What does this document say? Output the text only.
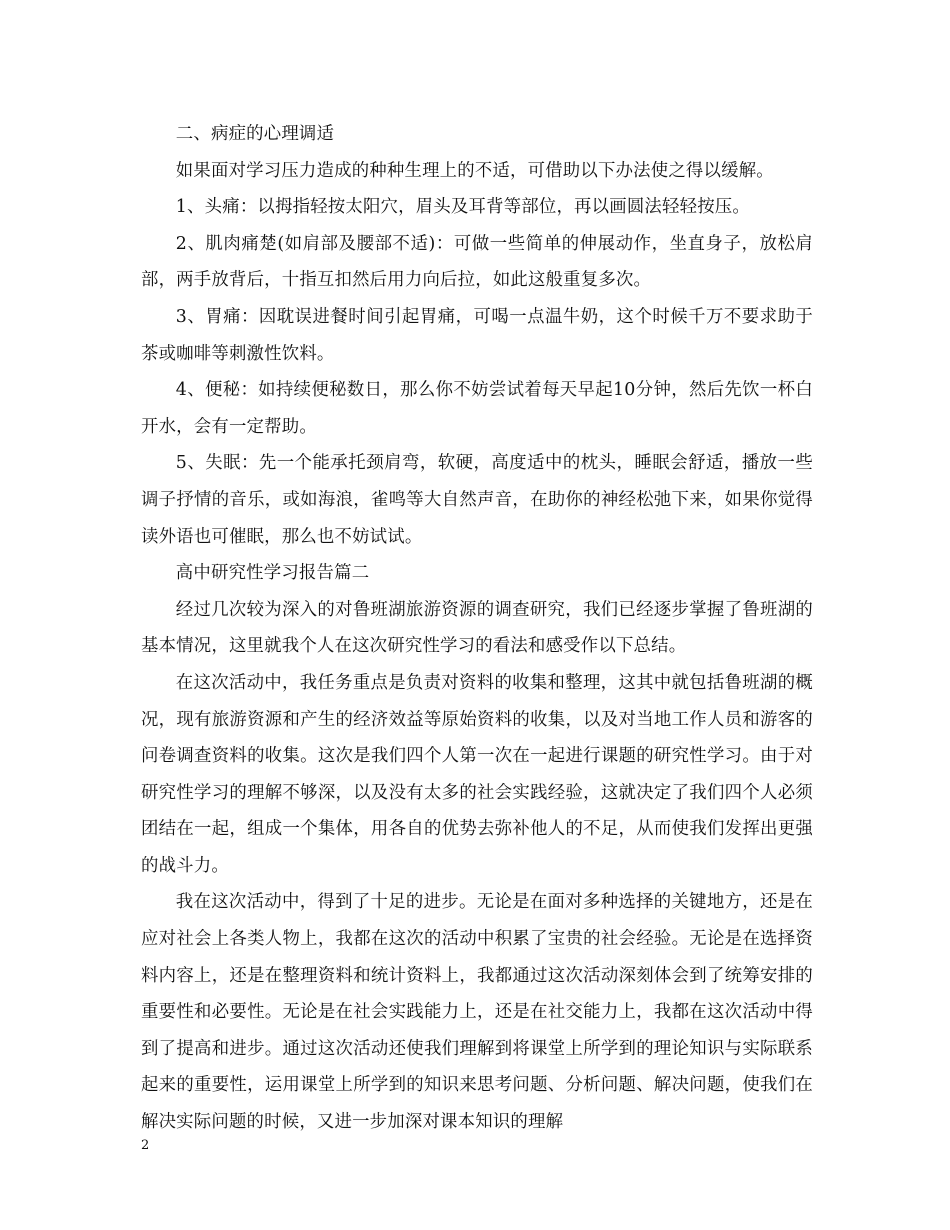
二、病症的心理调适

如果面对学习压力造成的种种生理上的不适，可借助以下办法使之得以缓解。

1、头痛：以拇指轻按太阳穴，眉头及耳背等部位，再以画圆法轻轻按压。

2、肌肉痛楚(如肩部及腰部不适)：可做一些简单的伸展动作，坐直身子，放松肩部，两手放背后，十指互扣然后用力向后拉，如此这般重复多次。

3、胃痛：因耽误进餐时间引起胃痛，可喝一点温牛奶，这个时候千万不要求助于茶或咖啡等刺激性饮料。

4、便秘：如持续便秘数日，那么你不妨尝试着每天早起10分钟，然后先饮一杯白开水，会有一定帮助。

5、失眠：先一个能承托颈肩弯，软硬，高度适中的枕头，睡眠会舒适，播放一些调子抒情的音乐，或如海浪，雀鸣等大自然声音，在助你的神经松弛下来，如果你觉得读外语也可催眠，那么也不妨试试。

高中研究性学习报告篇二

经过几次较为深入的对鲁班湖旅游资源的调查研究，我们已经逐步掌握了鲁班湖的基本情况，这里就我个人在这次研究性学习的看法和感受作以下总结。

在这次活动中，我任务重点是负责对资料的收集和整理，这其中就包括鲁班湖的概况，现有旅游资源和产生的经济效益等原始资料的收集，以及对当地工作人员和游客的问卷调查资料的收集。这次是我们四个人第一次在一起进行课题的研究性学习。由于对研究性学习的理解不够深，以及没有太多的社会实践经验，这就决定了我们四个人必须团结在一起，组成一个集体，用各自的优势去弥补他人的不足，从而使我们发挥出更强的战斗力。

我在这次活动中，得到了十足的进步。无论是在面对多种选择的关键地方，还是在应对社会上各类人物上，我都在这次的活动中积累了宝贵的社会经验。无论是在选择资料内容上，还是在整理资料和统计资料上，我都通过这次活动深刻体会到了统筹安排的重要性和必要性。无论是在社会实践能力上，还是在社交能力上，我都在这次活动中得到了提高和进步。通过这次活动还使我们理解到将课堂上所学到的理论知识与实际联系起来的重要性，运用课堂上所学到的知识来思考问题、分析问题、解决问题，使我们在解决实际问题的时候，又进一步加深对课本知识的理解

2
